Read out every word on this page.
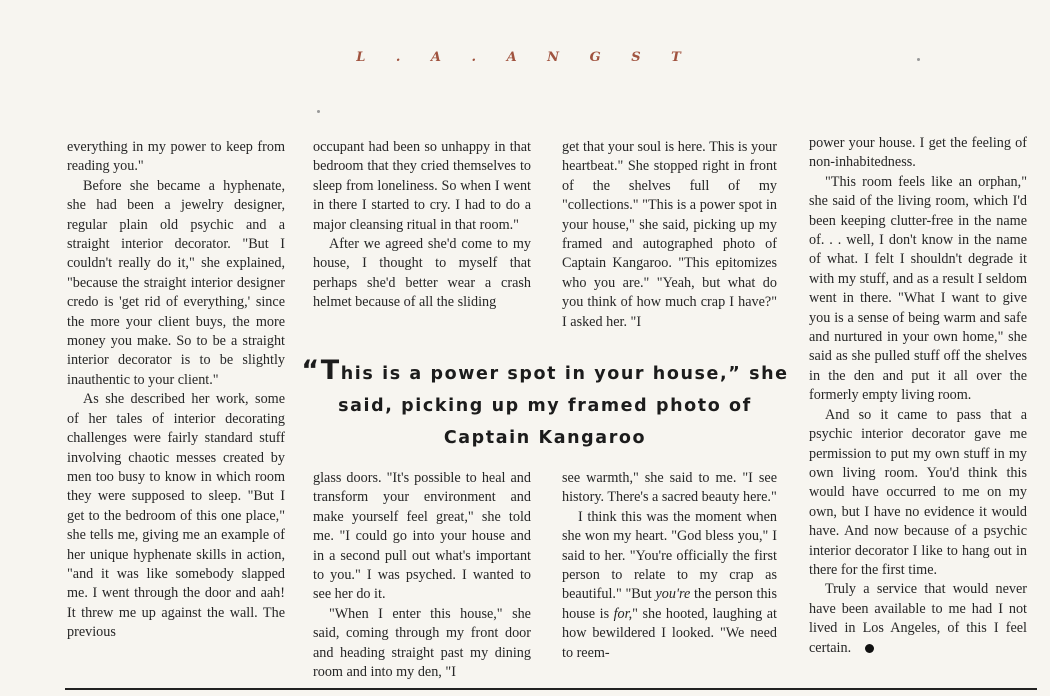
L . A . A N G S T

everything in my power to keep from reading you."

Before she became a hyphenate, she had been a jewelry designer, regular plain old psychic and a straight interior decorator. "But I couldn't really do it," she explained, "because the straight interior designer credo is 'get rid of everything,' since the more your client buys, the more money you make. So to be a straight interior decorator is to be slightly inauthentic to your client."

As she described her work, some of her tales of interior decorating challenges were fairly standard stuff involving chaotic messes created by men too busy to know in which room they were supposed to sleep. "But I get to the bedroom of this one place," she tells me, giving me an example of her unique hyphenate skills in action, "and it was like somebody slapped me. I went through the door and aah! It threw me up against the wall. The previous

occupant had been so unhappy in that bedroom that they cried themselves to sleep from loneliness. So when I went in there I started to cry. I had to do a major cleansing ritual in that room."

After we agreed she'd come to my house, I thought to myself that perhaps she'd better wear a crash helmet because of all the sliding

get that your soul is here. This is your heartbeat." She stopped right in front of the shelves full of my "collections." "This is a power spot in your house," she said, picking up my framed and autographed photo of Captain Kangaroo. "This epitomizes who you are." "Yeah, but what do you think of how much crap I have?" I asked her. "I

“This is a power spot in your house,” she said, picking up my framed photo of Captain Kangaroo

glass doors. "It's possible to heal and transform your environment and make yourself feel great," she told me. "I could go into your house and in a second pull out what's important to you." I was psyched. I wanted to see her do it.

"When I enter this house," she said, coming through my front door and heading straight past my dining room and into my den, "I

see warmth," she said to me. "I see history. There's a sacred beauty here."

I think this was the moment when she won my heart. "God bless you," I said to her. "You're officially the first person to relate to my crap as beautiful." "But you're the person this house is for," she hooted, laughing at how bewildered I looked. "We need to reem-

power your house. I get the feeling of non-inhabitedness.

"This room feels like an orphan," she said of the living room, which I'd been keeping clutter-free in the name of. . . well, I don't know in the name of what. I felt I shouldn't degrade it with my stuff, and as a result I seldom went in there. "What I want to give you is a sense of being warm and safe and nurtured in your own home," she said as she pulled stuff off the shelves in the den and put it all over the formerly empty living room.

And so it came to pass that a psychic interior decorator gave me permission to put my own stuff in my own living room. You'd think this would have occurred to me on my own, but I have no evidence it would have. And now because of a psychic interior decorator I like to hang out in there for the first time.

Truly a service that would never have been available to me had I not lived in Los Angeles, of this I feel certain.
